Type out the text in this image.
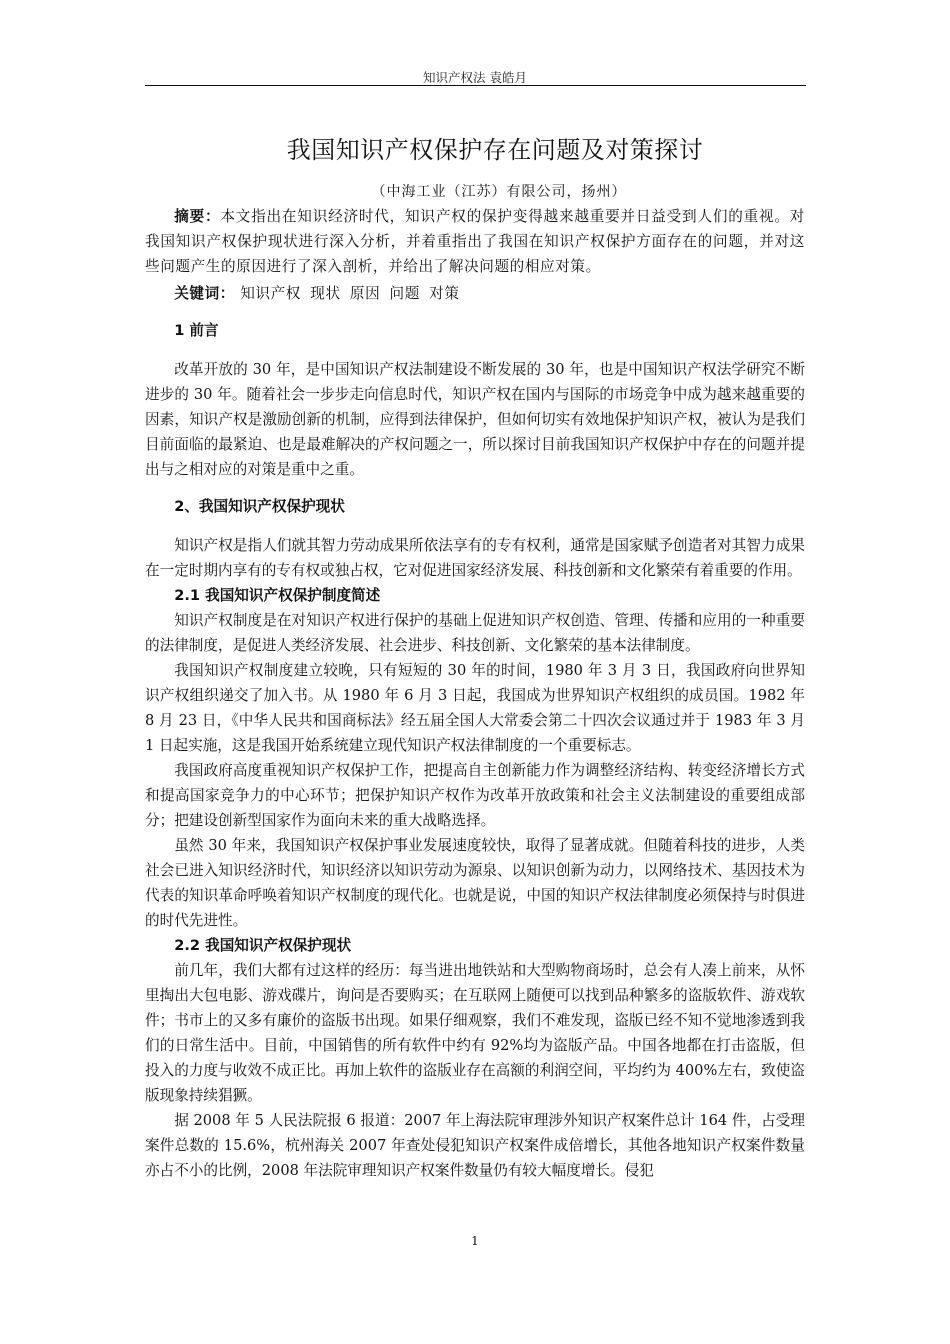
知识产权法 袁皓月
我国知识产权保护存在问题及对策探讨
（中海工业（江苏）有限公司，扬州）

摘要：本文指出在知识经济时代，知识产权的保护变得越来越重要并日益受到人们的重视。对我国知识产权保护现状进行深入分析，并着重指出了我国在知识产权保护方面存在的问题，并对这些问题产生的原因进行了深入剖析，并给出了解决问题的相应对策。

关键词： 知识产权 现状 原因 问题 对策
1 前言

改革开放的 30 年，是中国知识产权法制建设不断发展的 30 年，也是中国知识产权法学研究不断进步的 30 年。随着社会一步步走向信息时代，知识产权在国内与国际的市场竞争中成为越来越重要的因素，知识产权是激励创新的机制，应得到法律保护，但如何切实有效地保护知识产权，被认为是我们目前面临的最紧迫、也是最难解决的产权问题之一，所以探讨目前我国知识产权保护中存在的问题并提出与之相对应的对策是重中之重。

2、我国知识产权保护现状

知识产权是指人们就其智力劳动成果所依法享有的专有权利，通常是国家赋予创造者对其智力成果在一定时期内享有的专有权或独占权，它对促进国家经济发展、科技创新和文化繁荣有着重要的作用。

2.1 我国知识产权保护制度简述

知识产权制度是在对知识产权进行保护的基础上促进知识产权创造、管理、传播和应用的一种重要的法律制度，是促进人类经济发展、社会进步、科技创新、文化繁荣的基本法律制度。

我国知识产权制度建立较晚，只有短短的 30 年的时间，1980 年 3 月 3 日，我国政府向世界知识产权组织递交了加入书。从 1980 年 6 月 3 日起，我国成为世界知识产权组织的成员国。1982 年 8 月 23 日，《中华人民共和国商标法》经五届全国人大常委会第二十四次会议通过并于 1983 年 3 月 1 日起实施，这是我国开始系统建立现代知识产权法律制度的一个重要标志。

我国政府高度重视知识产权保护工作，把提高自主创新能力作为调整经济结构、转变经济增长方式和提高国家竞争力的中心环节；把保护知识产权作为改革开放政策和社会主义法制建设的重要组成部分；把建设创新型国家作为面向未来的重大战略选择。

虽然 30 年来，我国知识产权保护事业发展速度较快，取得了显著成就。但随着科技的进步，人类社会已进入知识经济时代，知识经济以知识劳动为源泉、以知识创新为动力，以网络技术、基因技术为代表的知识革命呼唤着知识产权制度的现代化。也就是说，中国的知识产权法律制度必须保持与时俱进的时代先进性。

2.2 我国知识产权保护现状

前几年，我们大都有过这样的经历：每当进出地铁站和大型购物商场时，总会有人凑上前来，从怀里掏出大包电影、游戏碟片，询问是否要购买；在互联网上随便可以找到品种繁多的盗版软件、游戏软件；书市上的又多有廉价的盗版书出现。如果仔细观察，我们不难发现，盗版已经不知不觉地渗透到我们的日常生活中。目前，中国销售的所有软件中约有 92%均为盗版产品。中国各地都在打击盗版，但投入的力度与收效不成正比。再加上软件的盗版业存在高额的利润空间，平均约为 400%左右，致使盗版现象持续猖獗。

据 2008 年 5 人民法院报 6 报道：2007 年上海法院审理涉外知识产权案件总计 164 件，占受理案件总数的 15.6%，杭州海关 2007 年查处侵犯知识产权案件成倍增长，其他各地知识产权案件数量亦占不小的比例，2008 年法院审理知识产权案件数量仍有较大幅度增长。侵犯

1
